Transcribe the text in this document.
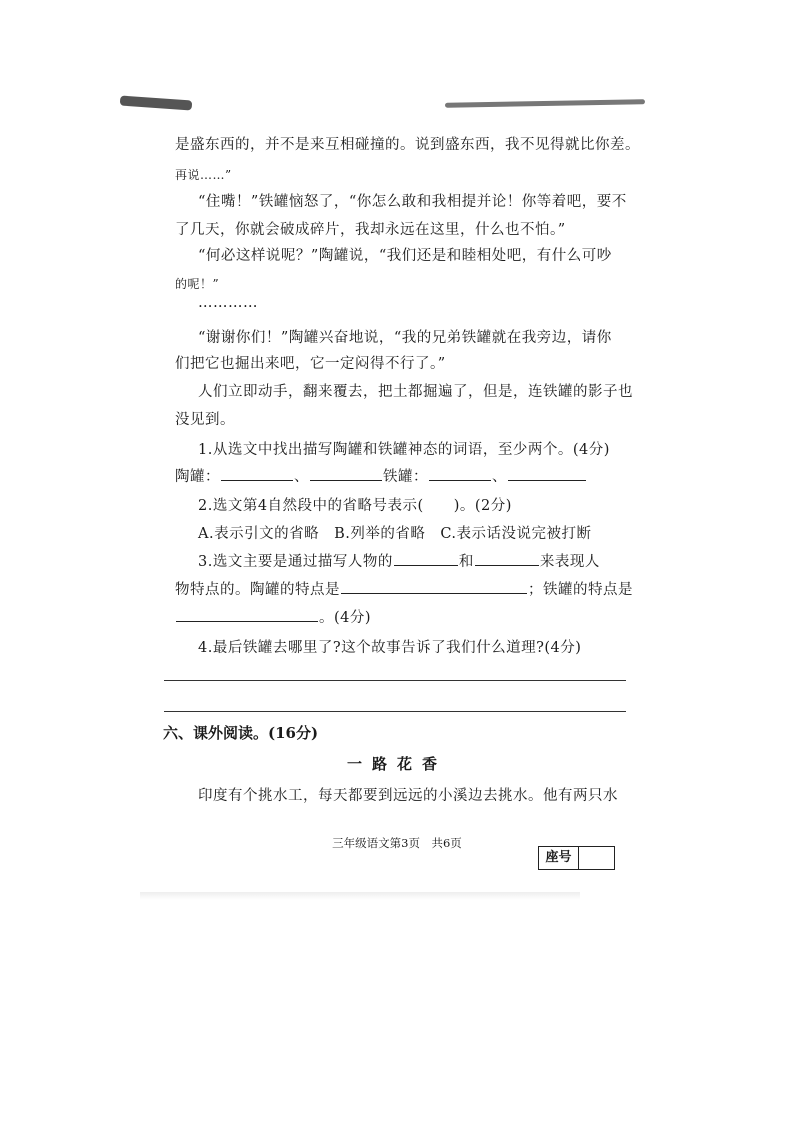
是盛东西的，并不是来互相碰撞的。说到盛东西，我不见得就比你差。
再说……”
“住嘴！”铁罐恼怒了，“你怎么敢和我相提并论！你等着吧，要不
了几天，你就会破成碎片，我却永远在这里，什么也不怕。”
“何必这样说呢？”陶罐说，“我们还是和睦相处吧，有什么可吵
的呢！”
…………
“谢谢你们！”陶罐兴奋地说，“我的兄弟铁罐就在我旁边，请你
们把它也掘出来吧，它一定闷得不行了。”
人们立即动手，翻来覆去，把土都掘遍了，但是，连铁罐的影子也
没见到。
1.从选文中找出描写陶罐和铁罐神态的词语，至少两个。(4分)
陶罐：	、	铁罐：	、
2.选文第4自然段中的省略号表示(　　)。(2分)
A.表示引文的省略　B.列举的省略　C.表示话没说完被打断
3.选文主要是通过描写人物的	和	来表现人
物特点的。陶罐的特点是	；铁罐的特点是
。(4分)
4.最后铁罐去哪里了?这个故事告诉了我们什么道理?(4分)
六、课外阅读。(16分)
一路花香
印度有个挑水工，每天都要到远远的小溪边去挑水。他有两只水
三年级语文第3页　共6页
座号
